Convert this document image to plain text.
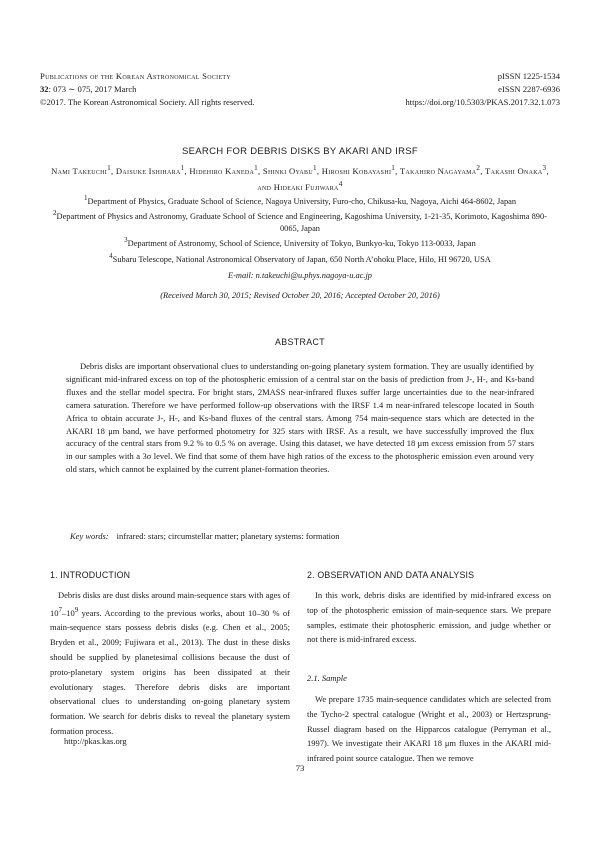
Publications of the Korean Astronomical Society
32: 073 ∼ 075, 2017 March
©2017. The Korean Astronomical Society. All rights reserved.
pISSN 1225-1534
eISSN 2287-6936
https://doi.org/10.5303/PKAS.2017.32.1.073
SEARCH FOR DEBRIS DISKS BY AKARI AND IRSF
Nami Takeuchi$^1$, Daisuke Ishihara$^1$, Hidehiro Kaneda$^1$, Shinki Oyabu$^1$, Hiroshi Kobayashi$^1$, Takahiro Nagayama$^2$, Takashi Onaka$^3$, and Hideaki Fujiwara$^4$

$^1$Department of Physics, Graduate School of Science, Nagoya University, Furo-cho, Chikusa-ku, Nagoya, Aichi 464-8602, Japan

$^2$Department of Physics and Astronomy, Graduate School of Science and Engineering, Kagoshima University, 1-21-35, Korimoto, Kagoshima 890-0065, Japan

$^3$Department of Astronomy, School of Science, University of Tokyo, Bunkyo-ku, Tokyo 113-0033, Japan

$^4$Subaru Telescope, National Astronomical Observatory of Japan, 650 North A’ohoku Place, Hilo, HI 96720, USA

E-mail: n.takeuchi@u.phys.nagoya-u.ac.jp
(Received March 30, 2015; Revised October 20, 2016; Accepted October 20, 2016)
ABSTRACT
Debris disks are important observational clues to understanding on-going planetary system formation. They are usually identified by significant mid-infrared excess on top of the photospheric emission of a central star on the basis of prediction from J-, H-, and Ks-band fluxes and the stellar model spectra. For bright stars, 2MASS near-infrared fluxes suffer large uncertainties due to the near-infrared camera saturation. Therefore we have performed follow-up observations with the IRSF 1.4 m near-infrared telescope located in South Africa to obtain accurate J-, H-, and Ks-band fluxes of the central stars. Among 754 main-sequence stars which are detected in the AKARI 18 μm band, we have performed photometry for 325 stars with IRSF. As a result, we have successfully improved the flux accuracy of the central stars from 9.2 % to 0.5 % on average. Using this dataset, we have detected 18 μm excess emission from 57 stars in our samples with a 3σ level. We find that some of them have high ratios of the excess to the photospheric emission even around very old stars, which cannot be explained by the current planet-formation theories.
Key words: infrared: stars; circumstellar matter; planetary systems: formation
1. INTRODUCTION

Debris disks are dust disks around main-sequence stars with ages of $10^7-10^9$ years. According to the previous works, about 10–30 % of main-sequence stars possess debris disks (e.g. Chen et al., 2005; Bryden et al., 2009; Fujiwara et al., 2013). The dust in these disks should be supplied by planetesimal collisions because the dust of proto-planetary system origins has been dissipated at their evolutionary stages. Therefore debris disks are important observational clues to understanding on-going planetary system formation. We search for debris disks to reveal the planetary system formation process.

http://pkas.kas.org
2. OBSERVATION AND DATA ANALYSIS

In this work, debris disks are identified by mid-infrared excess on top of the photospheric emission of main-sequence stars. We prepare samples, estimate their photospheric emission, and judge whether or not there is mid-infrared excess.

2.1. Sample

We prepare 1735 main-sequence candidates which are selected from the Tycho-2 spectral catalogue (Wright et al., 2003) or Hertzsprung-Russel diagram based on the Hipparcos catalogue (Perryman et al., 1997). We investigate their AKARI 18 μm fluxes in the AKARI mid-infrared point source catalogue. Then we remove

73
